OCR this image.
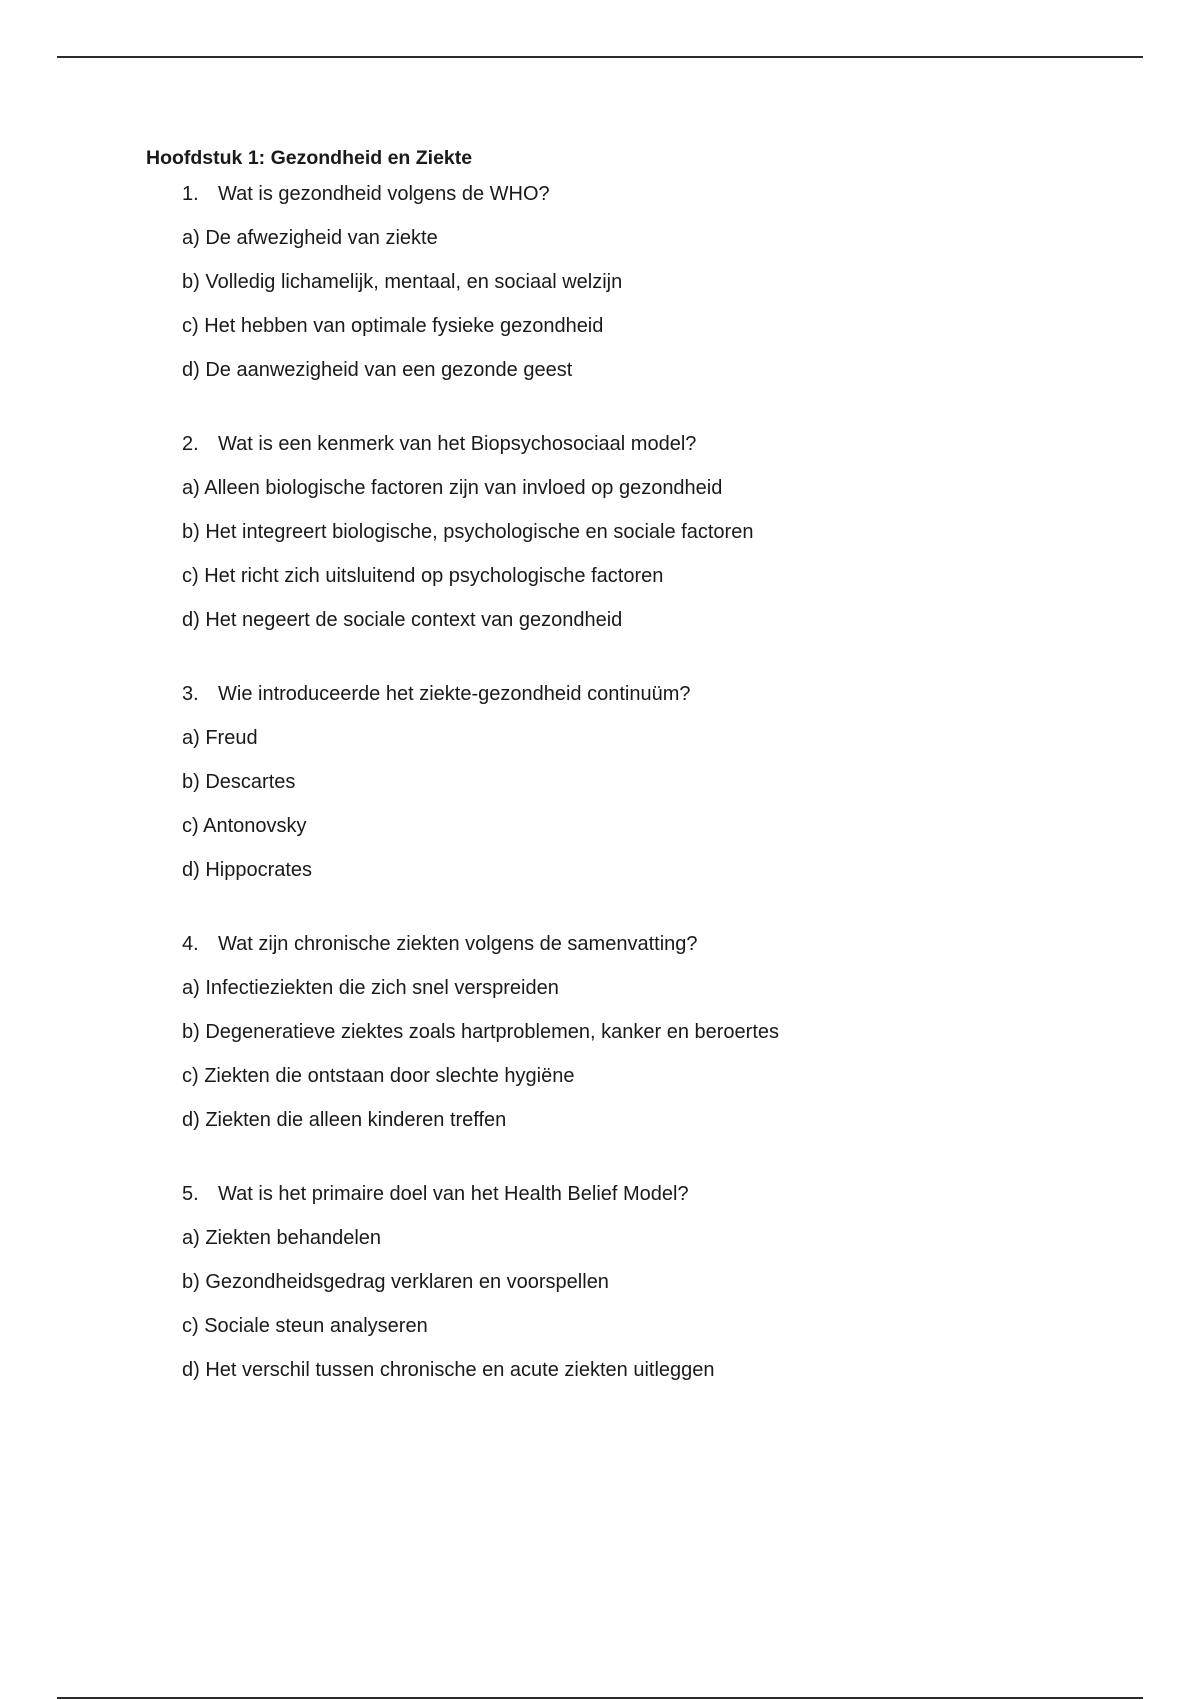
Hoofdstuk 1: Gezondheid en Ziekte
1. Wat is gezondheid volgens de WHO?
a) De afwezigheid van ziekte
b) Volledig lichamelijk, mentaal, en sociaal welzijn
c) Het hebben van optimale fysieke gezondheid
d) De aanwezigheid van een gezonde geest
2. Wat is een kenmerk van het Biopsychosociaal model?
a) Alleen biologische factoren zijn van invloed op gezondheid
b) Het integreert biologische, psychologische en sociale factoren
c) Het richt zich uitsluitend op psychologische factoren
d) Het negeert de sociale context van gezondheid
3. Wie introduceerde het ziekte-gezondheid continuüm?
a) Freud
b) Descartes
c) Antonovsky
d) Hippocrates
4. Wat zijn chronische ziekten volgens de samenvatting?
a) Infectieziekten die zich snel verspreiden
b) Degeneratieve ziektes zoals hartproblemen, kanker en beroertes
c) Ziekten die ontstaan door slechte hygiëne
d) Ziekten die alleen kinderen treffen
5. Wat is het primaire doel van het Health Belief Model?
a) Ziekten behandelen
b) Gezondheidsgedrag verklaren en voorspellen
c) Sociale steun analyseren
d) Het verschil tussen chronische en acute ziekten uitleggen
